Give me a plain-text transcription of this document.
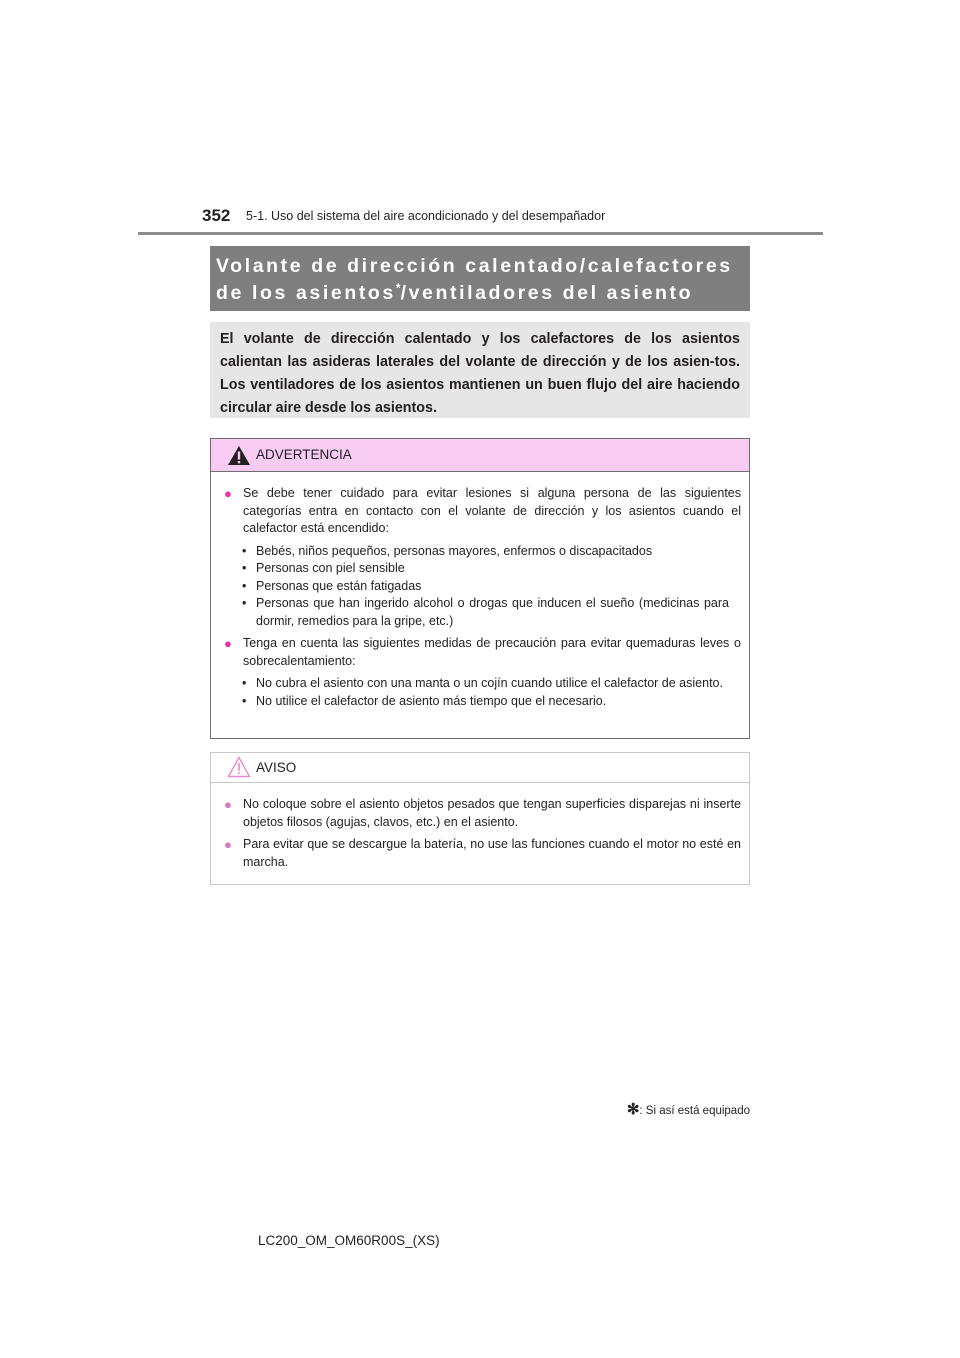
352 5-1. Uso del sistema del aire acondicionado y del desempañador
Volante de dirección calentado/calefactores
de los asientos*/ventiladores del asiento
El volante de dirección calentado y los calefactores de los asientos calientan las asideras laterales del volante de dirección y de los asien-tos. Los ventiladores de los asientos mantienen un buen flujo del aire haciendo circular aire desde los asientos.
ADVERTENCIA
● Se debe tener cuidado para evitar lesiones si alguna persona de las siguientes categorías entra en contacto con el volante de dirección y los asientos cuando el calefactor está encendido:
• Bebés, niños pequeños, personas mayores, enfermos o discapacitados
• Personas con piel sensible
• Personas que están fatigadas
• Personas que han ingerido alcohol o drogas que inducen el sueño (medicinas para dormir, remedios para la gripe, etc.)
● Tenga en cuenta las siguientes medidas de precaución para evitar quemaduras leves o sobrecalentamiento:
• No cubra el asiento con una manta o un cojín cuando utilice el calefactor de asiento.
• No utilice el calefactor de asiento más tiempo que el necesario.
AVISO
● No coloque sobre el asiento objetos pesados que tengan superficies disparejas ni inserte objetos filosos (agujas, clavos, etc.) en el asiento.
● Para evitar que se descargue la batería, no use las funciones cuando el motor no esté en marcha.
✻: Si así está equipado
LC200_OM_OM60R00S_(XS)
